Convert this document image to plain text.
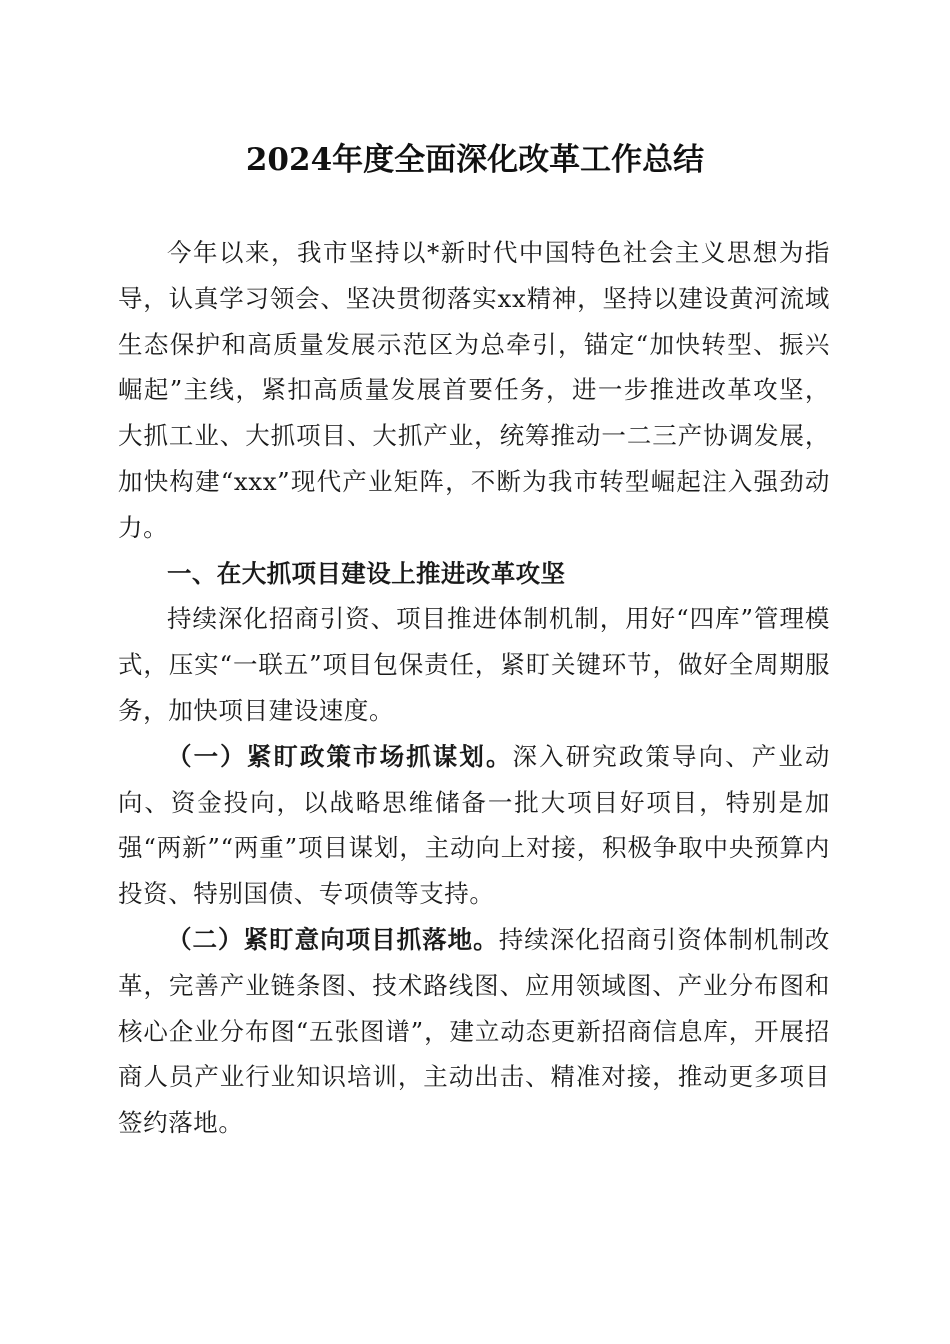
2024年度全面深化改革工作总结

今年以来，我市坚持以*新时代中国特色社会主义思想为指导，认真学习领会、坚决贯彻落实xx精神，坚持以建设黄河流域生态保护和高质量发展示范区为总牵引，锚定“加快转型、振兴崛起”主线，紧扣高质量发展首要任务，进一步推进改革攻坚，大抓工业、大抓项目、大抓产业，统筹推动一二三产协调发展，加快构建“xxx”现代产业矩阵，不断为我市转型崛起注入强劲动力。

一、在大抓项目建设上推进改革攻坚

持续深化招商引资、项目推进体制机制，用好“四库”管理模式，压实“一联五”项目包保责任，紧盯关键环节，做好全周期服务，加快项目建设速度。

（一）紧盯政策市场抓谋划。深入研究政策导向、产业动向、资金投向，以战略思维储备一批大项目好项目，特别是加强“两新”“两重”项目谋划，主动向上对接，积极争取中央预算内投资、特别国债、专项债等支持。

（二）紧盯意向项目抓落地。持续深化招商引资体制机制改革，完善产业链条图、技术路线图、应用领域图、产业分布图和核心企业分布图“五张图谱”，建立动态更新招商信息库，开展招商人员产业行业知识培训，主动出击、精准对接，推动更多项目签约落地。
